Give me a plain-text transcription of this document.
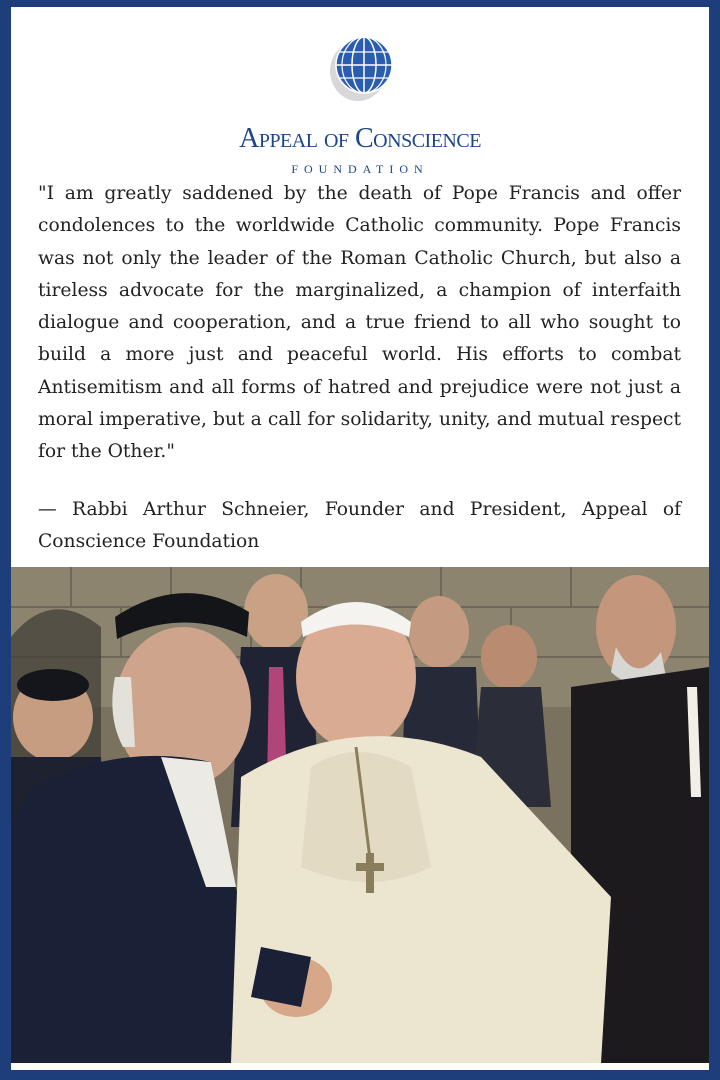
Appeal of Conscience
FOUNDATION

"I am greatly saddened by the death of Pope Francis and offer condolences to the worldwide Catholic community. Pope Francis was not only the leader of the Roman Catholic Church, but also a tireless advocate for the marginalized, a champion of interfaith dialogue and cooperation, and a true friend to all who sought to build a more just and peaceful world. His efforts to combat Antisemitism and all forms of hatred and prejudice were not just a moral imperative, but a call for solidarity, unity, and mutual respect for the Other."

— Rabbi Arthur Schneier, Founder and President, Appeal of Conscience Foundation
